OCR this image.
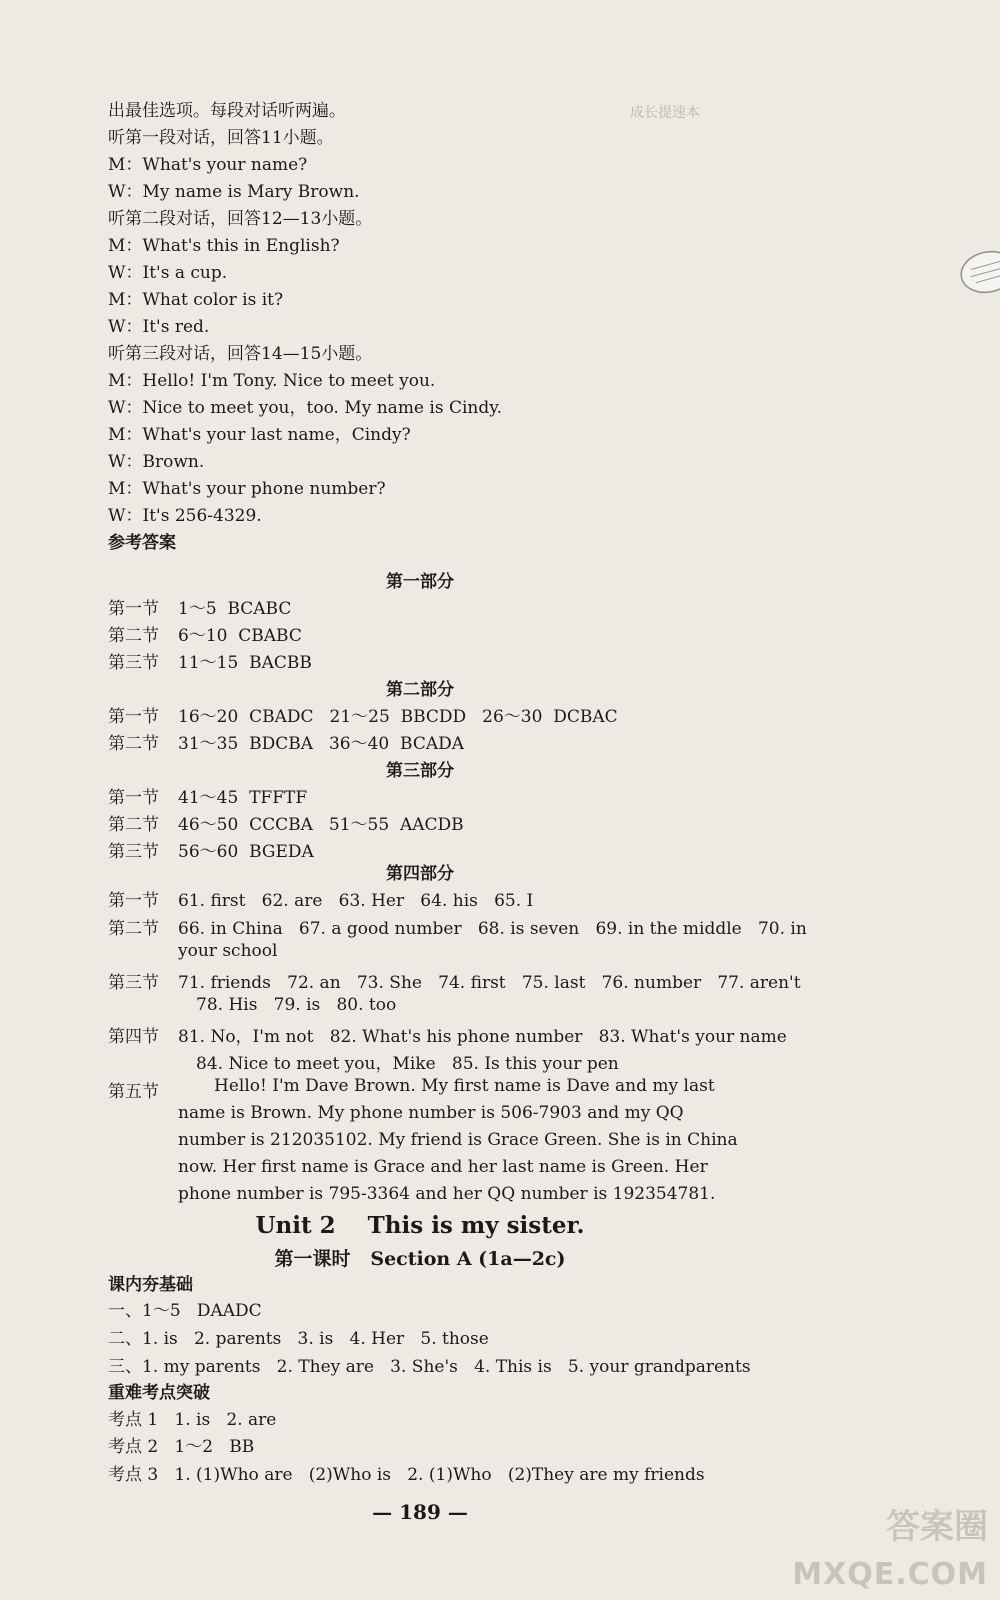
成长提速本
出最佳选项。每段对话听两遍。
听第一段对话，回答11小题。
M：What's your name?
W：My name is Mary Brown.
听第二段对话，回答12—13小题。
M：What's this in English?
W：It's a cup.
M：What color is it?
W：It's red.
听第三段对话，回答14—15小题。
M：Hello! I'm Tony. Nice to meet you.
W：Nice to meet you，too. My name is Cindy.
M：What's your last name，Cindy?
W：Brown.
M：What's your phone number?
W：It's 256-4329.
参考答案
第一部分
第一节 1～5  BCABC
第二节 6～10  CBABC
第三节 11～15  BACBB
第二部分
第一节 16～20  CBADC 21～25  BBCDD 26～30  DCBAC
第二节 31～35  BDCBA 36～40  BCADA
第三部分
第一节 41～45  TFFTF
第二节 46～50  CCCBA 51～55  AACDB
第三节 56～60  BGEDA
第四部分
第一节 61. first   62. are   63. Her   64. his   65. I
第二节 66. in China   67. a good number   68. is seven   69. in the middle   70. in
your school
第三节 71. friends   72. an   73. She   74. first   75. last   76. number   77. aren't
78. His   79. is   80. too
第四节 81. No，I'm not   82. What's his phone number   83. What's your name
84. Nice to meet you，Mike   85. Is this your pen
第五节	Hello! I'm Dave Brown. My first name is Dave and my last name is Brown. My phone number is 506-7903 and my QQ number is 212035102. My friend is Grace Green. She is in China now. Her first name is Grace and her last name is Green. Her phone number is 795-3364 and her QQ number is 192354781.
Unit 2    This is my sister.
第一课时   Section A (1a—2c)
课内夯基础
一、1～5   DAADC
二、1. is   2. parents   3. is   4. Her   5. those
三、1. my parents   2. They are   3. She's   4. This is   5. your grandparents
重难考点突破
考点 1   1. is   2. are
考点 2   1～2   BB
考点 3   1. (1)Who are   (2)Who is   2. (1)Who   (2)They are my friends
— 189 —	答案圈
MXQE.COM
